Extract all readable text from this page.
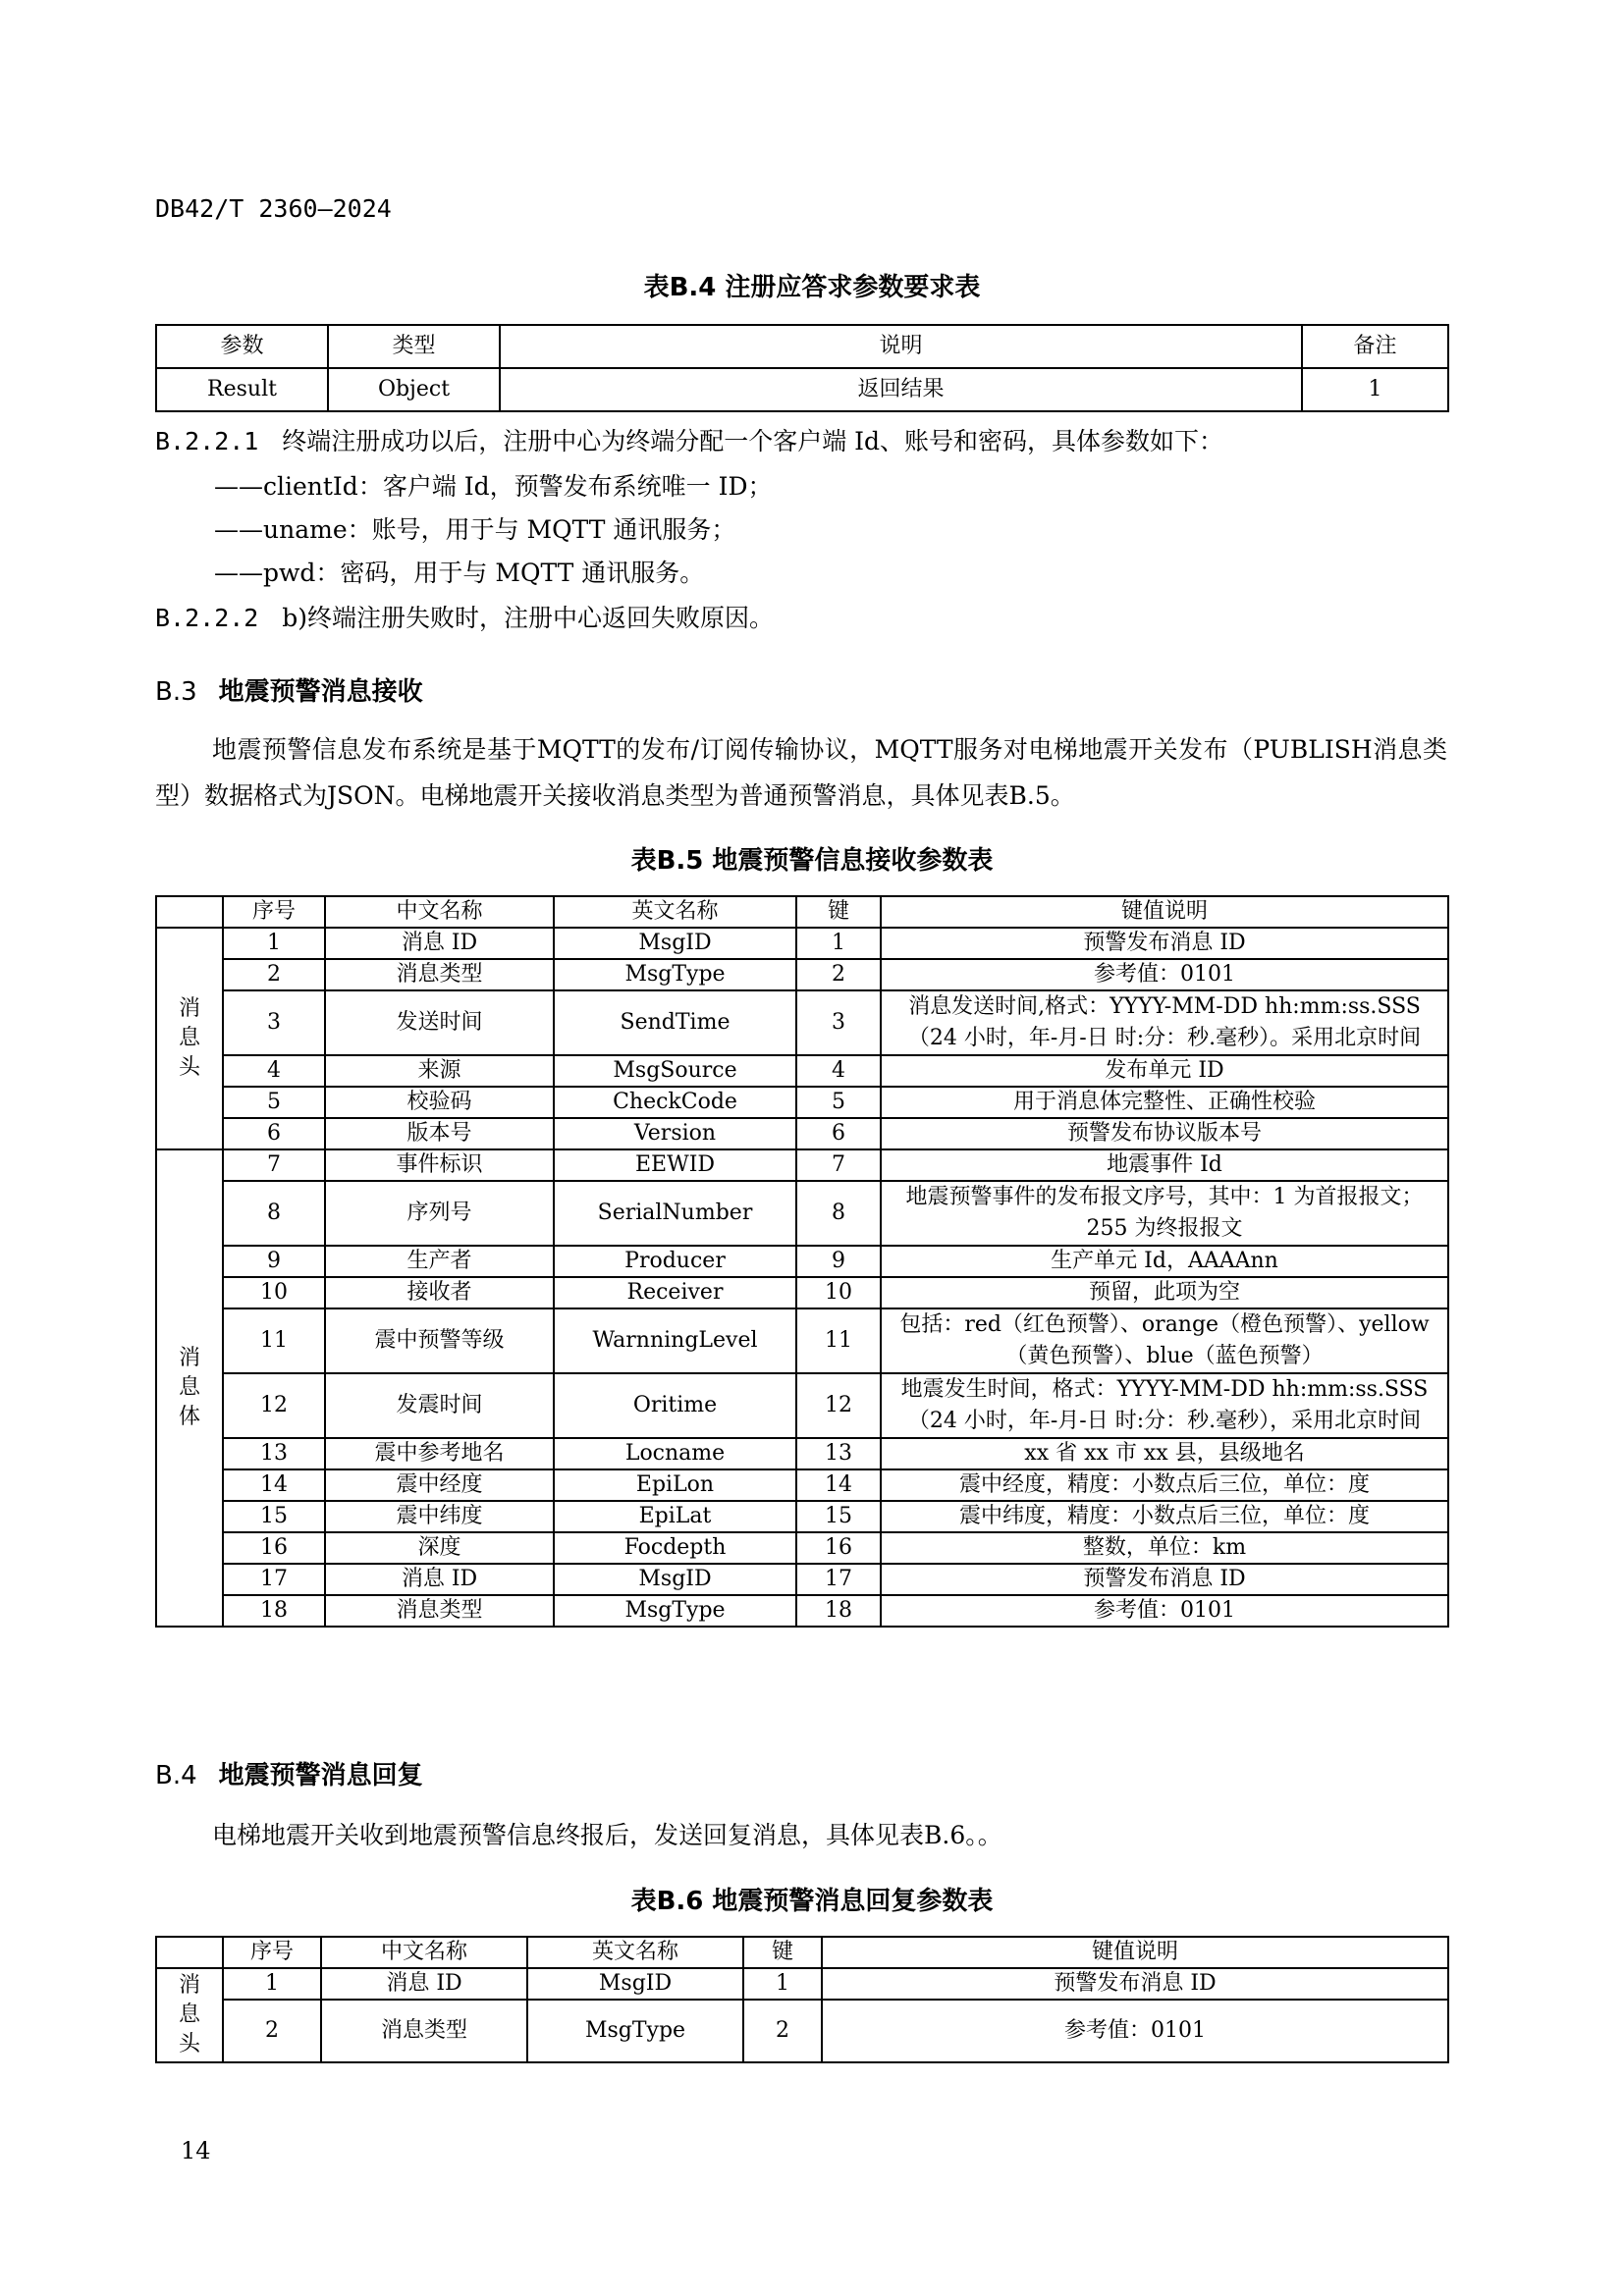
DB42/T 2360—2024
表B.4 注册应答求参数要求表
参数	类型	说明	备注
Result	Object	返回结果	1
B.2.2.1 终端注册成功以后，注册中心为终端分配一个客户端 Id、账号和密码，具体参数如下：
——clientId：客户端 Id，预警发布系统唯一 ID；
——uname：账号，用于与 MQTT 通讯服务；
——pwd：密码，用于与 MQTT 通讯服务。
B.2.2.2 b)终端注册失败时，注册中心返回失败原因。
B.3 地震预警消息接收
地震预警信息发布系统是基于MQTT的发布/订阅传输协议，MQTT服务对电梯地震开关发布（PUBLISH消息类型）数据格式为JSON。电梯地震开关接收消息类型为普通预警消息，具体见表B.5。
表B.5 地震预警信息接收参数表
	序号	中文名称	英文名称	键	键值说明
消息头	1	消息 ID	MsgID	1	预警发布消息 ID
	2	消息类型	MsgType	2	参考值：0101
	3	发送时间	SendTime	3	消息发送时间,格式：YYYY-MM-DD hh:mm:ss.SSS（24 小时，年-月-日 时:分：秒.毫秒）。采用北京时间
	4	来源	MsgSource	4	发布单元 ID
	5	校验码	CheckCode	5	用于消息体完整性、正确性校验
	6	版本号	Version	6	预警发布协议版本号
消息体	7	事件标识	EEWID	7	地震事件 Id
	8	序列号	SerialNumber	8	地震预警事件的发布报文序号，其中：1 为首报报文；255 为终报报文
	9	生产者	Producer	9	生产单元 Id，AAAAnn
	10	接收者	Receiver	10	预留，此项为空
	11	震中预警等级	WarnningLevel	11	包括：red（红色预警）、orange（橙色预警）、yellow（黄色预警）、blue（蓝色预警）
	12	发震时间	Oritime	12	地震发生时间，格式：YYYY-MM-DD hh:mm:ss.SSS（24 小时，年-月-日 时:分：秒.毫秒），采用北京时间
	13	震中参考地名	Locname	13	xx 省 xx 市 xx 县，县级地名
	14	震中经度	EpiLon	14	震中经度，精度：小数点后三位，单位：度
	15	震中纬度	EpiLat	15	震中纬度，精度：小数点后三位，单位：度
	16	深度	Focdepth	16	整数，单位：km
	17	消息 ID	MsgID	17	预警发布消息 ID
	18	消息类型	MsgType	18	参考值：0101
B.4 地震预警消息回复
电梯地震开关收到地震预警信息终报后，发送回复消息，具体见表B.6。。
表B.6 地震预警消息回复参数表
	序号	中文名称	英文名称	键	键值说明
消息头	1	消息 ID	MsgID	1	预警发布消息 ID
	2	消息类型	MsgType	2	参考值：0101
14
